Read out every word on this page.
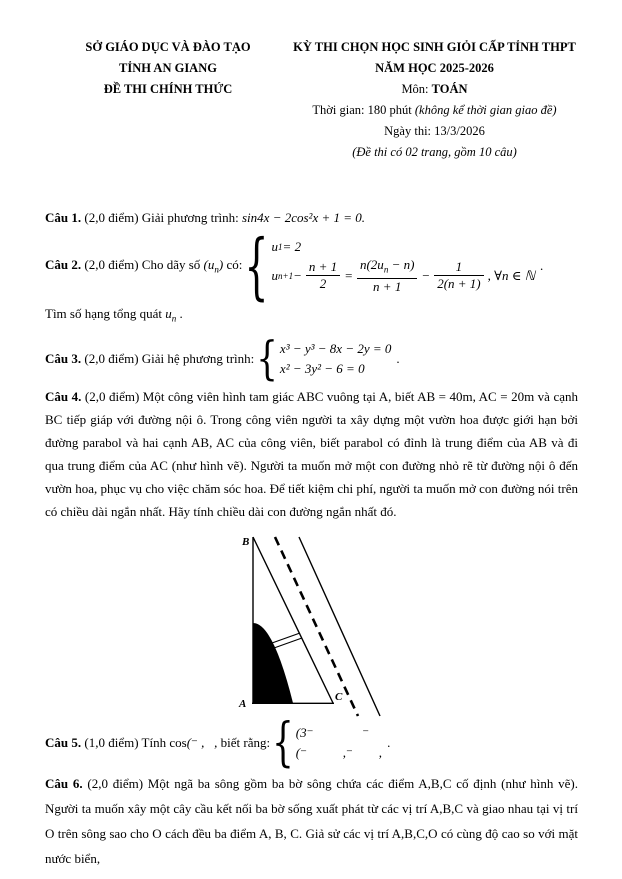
SỞ GIÁO DỤC VÀ ĐÀO TẠO
TỈNH AN GIANG
ĐỀ THI CHÍNH THỨC
KỲ THI CHỌN HỌC SINH GIỎI CẤP TỈNH THPT
NĂM HỌC 2025-2026
Môn: TOÁN
Thời gian: 180 phút (không kể thời gian giao đề)
Ngày thi: 13/3/2026
(Đề thi có 02 trang, gồm 10 câu)

Câu 1. (2,0 điểm) Giải phương trình: sin4x − 2cos²x + 1 = 0.

Câu 2. (2,0 điểm) Cho dãy số $(u_n)$ có: { u 1 = 2
u $n+1 - \frac{n + 1}{2} = \frac{n(2u_n - n)}{n + 1} - \frac{1}{2(n + 1)}$ , ∀n ∈ ℕ
.

Tìm số hạng tổng quát $u_n$ .

Câu 3. (2,0 điểm) Giải hệ phương trình: { x³ − y³ − 8x − 2y = 0
x² − 3y² − 6 = 0
.

Câu 4. (2,0 điểm) Một công viên hình tam giác ABC vuông tại A, biết AB = 40m, AC = 20m và cạnh BC tiếp giáp với đường nội ô. Trong công viên người ta xây dựng một vườn hoa được giới hạn bởi đường parabol và hai cạnh AB, AC của công viên, biết parabol có đỉnh là trung điểm của AB và đi qua trung điểm của AC (như hình vẽ). Người ta muốn mở một con đường nhỏ rẽ từ đường nội ô đến vườn hoa, phục vụ cho việc chăm sóc hoa. Để tiết kiệm chi phí, người ta muốn mở con đường nói trên có chiều dài ngắn nhất. Hãy tính chiều dài con đường ngắn nhất đó.

B
A
C
Câu 5. (1,0 điểm) Tính cos(⁻ ,   , biết rằng: { (3⁻               ⁻
(⁻           ,⁻        ,
.

Câu 6. (2,0 điểm) Một ngã ba sông gồm ba bờ sông chứa các điểm A,B,C cố định (như hình vẽ). Người ta muốn xây một cây cầu kết nối ba bờ sống xuất phát từ các vị trí A,B,C và giao nhau tại vị trí O trên sông sao cho O cách đều ba điểm A, B, C. Giả sử các vị trí A,B,C,O có cùng độ cao so với mặt nước biển,
